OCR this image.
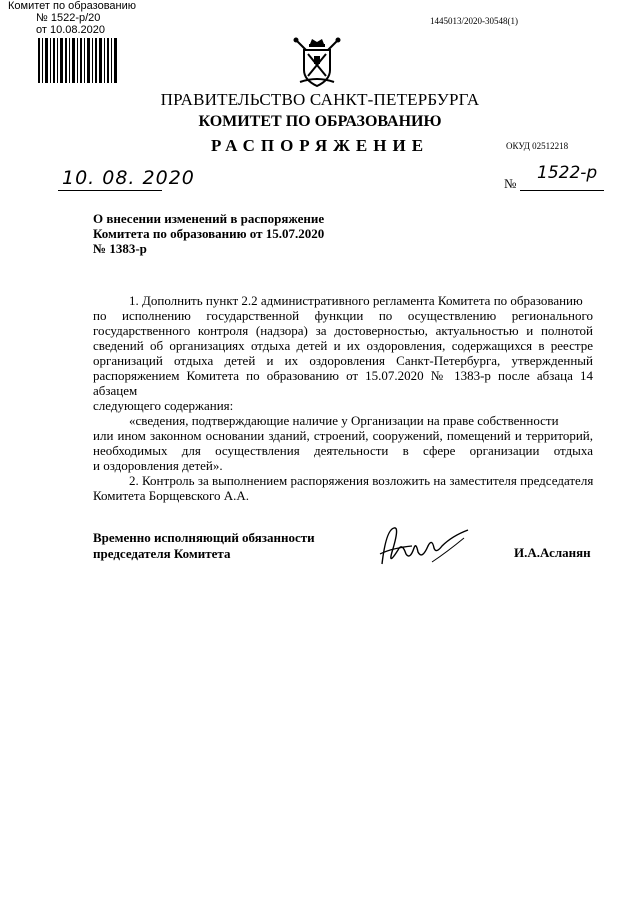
Комитет по образованию
№ 1522-р/20
от 10.08.2020
1445013/2020-30548(1)
ПРАВИТЕЛЬСТВО САНКТ-ПЕТЕРБУРГА
КОМИТЕТ ПО ОБРАЗОВАНИЮ
РАСПОРЯЖЕНИЕ	ОКУД 02512218
10. 08. 2020	№
1522-р
О внесении изменений в распоряжение
Комитета по образованию от 15.07.2020
№ 1383-р
1. Дополнить пункт 2.2 административного регламента Комитета по образованию
по исполнению государственной функции по осуществлению регионального
государственного контроля (надзора) за достоверностью, актуальностью и полнотой
сведений об организациях отдыха детей и их оздоровления, содержащихся в реестре
организаций отдыха детей и их оздоровления Санкт-Петербурга, утвержденный
распоряжением Комитета по образованию от 15.07.2020 № 1383-р после абзаца 14 абзацем
следующего содержания:
«сведения, подтверждающие наличие у Организации на праве собственности
или ином законном основании зданий, строений, сооружений, помещений и территорий,
необходимых для осуществления деятельности в сфере организации отдыха
и оздоровления детей».
2. Контроль за выполнением распоряжения возложить на заместителя председателя
Комитета Борщевского А.А.
Временно исполняющий обязанности
председателя Комитета	И.А.Асланян
